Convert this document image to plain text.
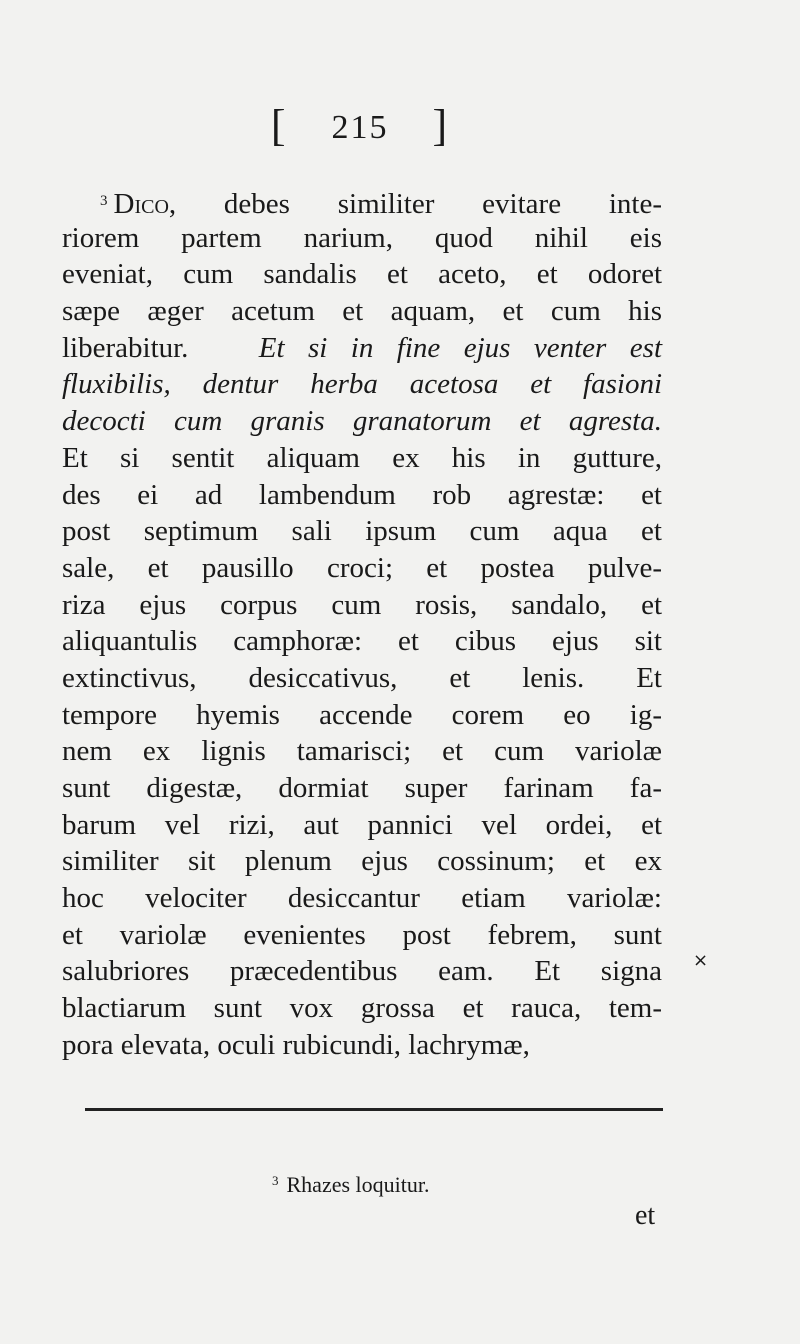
[ 215 ]
$^3$ Dico, debes similiter evitare inte-
riorem partem narium, quod nihil eis
eveniat, cum sandalis et aceto, et odoret
sæpe æger acetum et aquam, et cum his
liberabitur. Et si in fine ejus venter est
fluxibilis, dentur herba acetosa et fasioni
decocti cum granis granatorum et agresta.
Et si sentit aliquam ex his in gutture,
des ei ad lambendum rob agrestæ: et
post septimum sali ipsum cum aqua et
sale, et pausillo croci; et postea pulve-
riza ejus corpus cum rosis, sandalo, et
aliquantulis camphoræ: et cibus ejus sit
extinctivus, desiccativus, et lenis. Et
tempore hyemis accende corem eo ig-
nem ex lignis tamarisci; et cum variolæ
sunt digestæ, dormiat super farinam fa-
barum vel rizi, aut pannici vel ordei, et
similiter sit plenum ejus cossinum; et ex
hoc velociter desiccantur etiam variolæ:
et variolæ evenientes post febrem, sunt
salubriores præcedentibus eam. Et signa
blactiarum sunt vox grossa et rauca, tem-
pora elevata, oculi rubicundi, lachrymæ,
×
$^3$ Rhazes loquitur.
et
